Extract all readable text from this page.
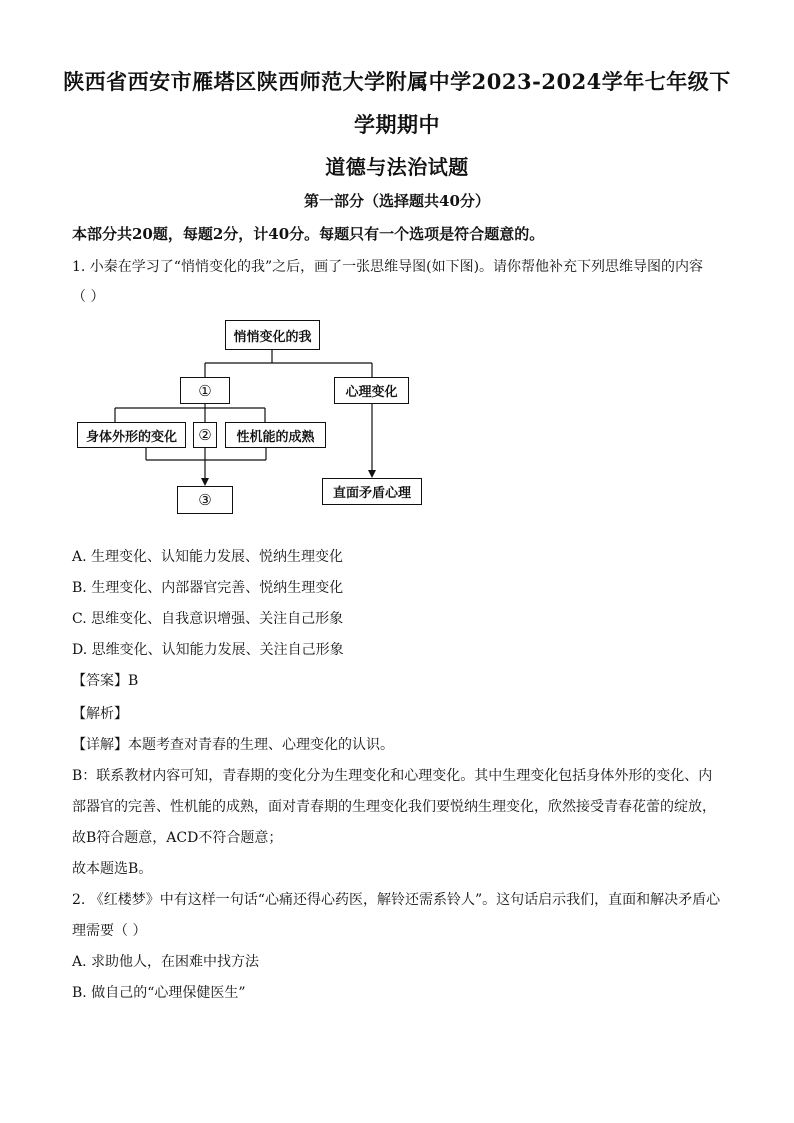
陕西省西安市雁塔区陕西师范大学附属中学2023-2024学年七年级下
学期期中
道德与法治试题
第一部分（选择题共40分）
本部分共20题，每题2分，计40分。每题只有一个选项是符合题意的。
1. 小秦在学习了“悄悄变化的我”之后，画了一张思维导图(如下图)。请你帮他补充下列思维导图的内容
（ ）
悄悄变化的我
①	心理变化
身体外形的变化	②	性机能的成熟
③	直面矛盾心理
A. 生理变化、认知能力发展、悦纳生理变化
B. 生理变化、内部器官完善、悦纳生理变化
C. 思维变化、自我意识增强、关注自己形象
D. 思维变化、认知能力发展、关注自己形象
【答案】B
【解析】
【详解】本题考查对青春的生理、心理变化的认识。
B：联系教材内容可知，青春期的变化分为生理变化和心理变化。其中生理变化包括身体外形的变化、内
部器官的完善、性机能的成熟，面对青春期的生理变化我们要悦纳生理变化，欣然接受青春花蕾的绽放，
故B符合题意，ACD不符合题意；
故本题选B。
2. 《红楼梦》中有这样一句话“心痛还得心药医，解铃还需系铃人”。这句话启示我们，直面和解决矛盾心
理需要（ ）
A. 求助他人，在困难中找方法
B. 做自己的“心理保健医生”
